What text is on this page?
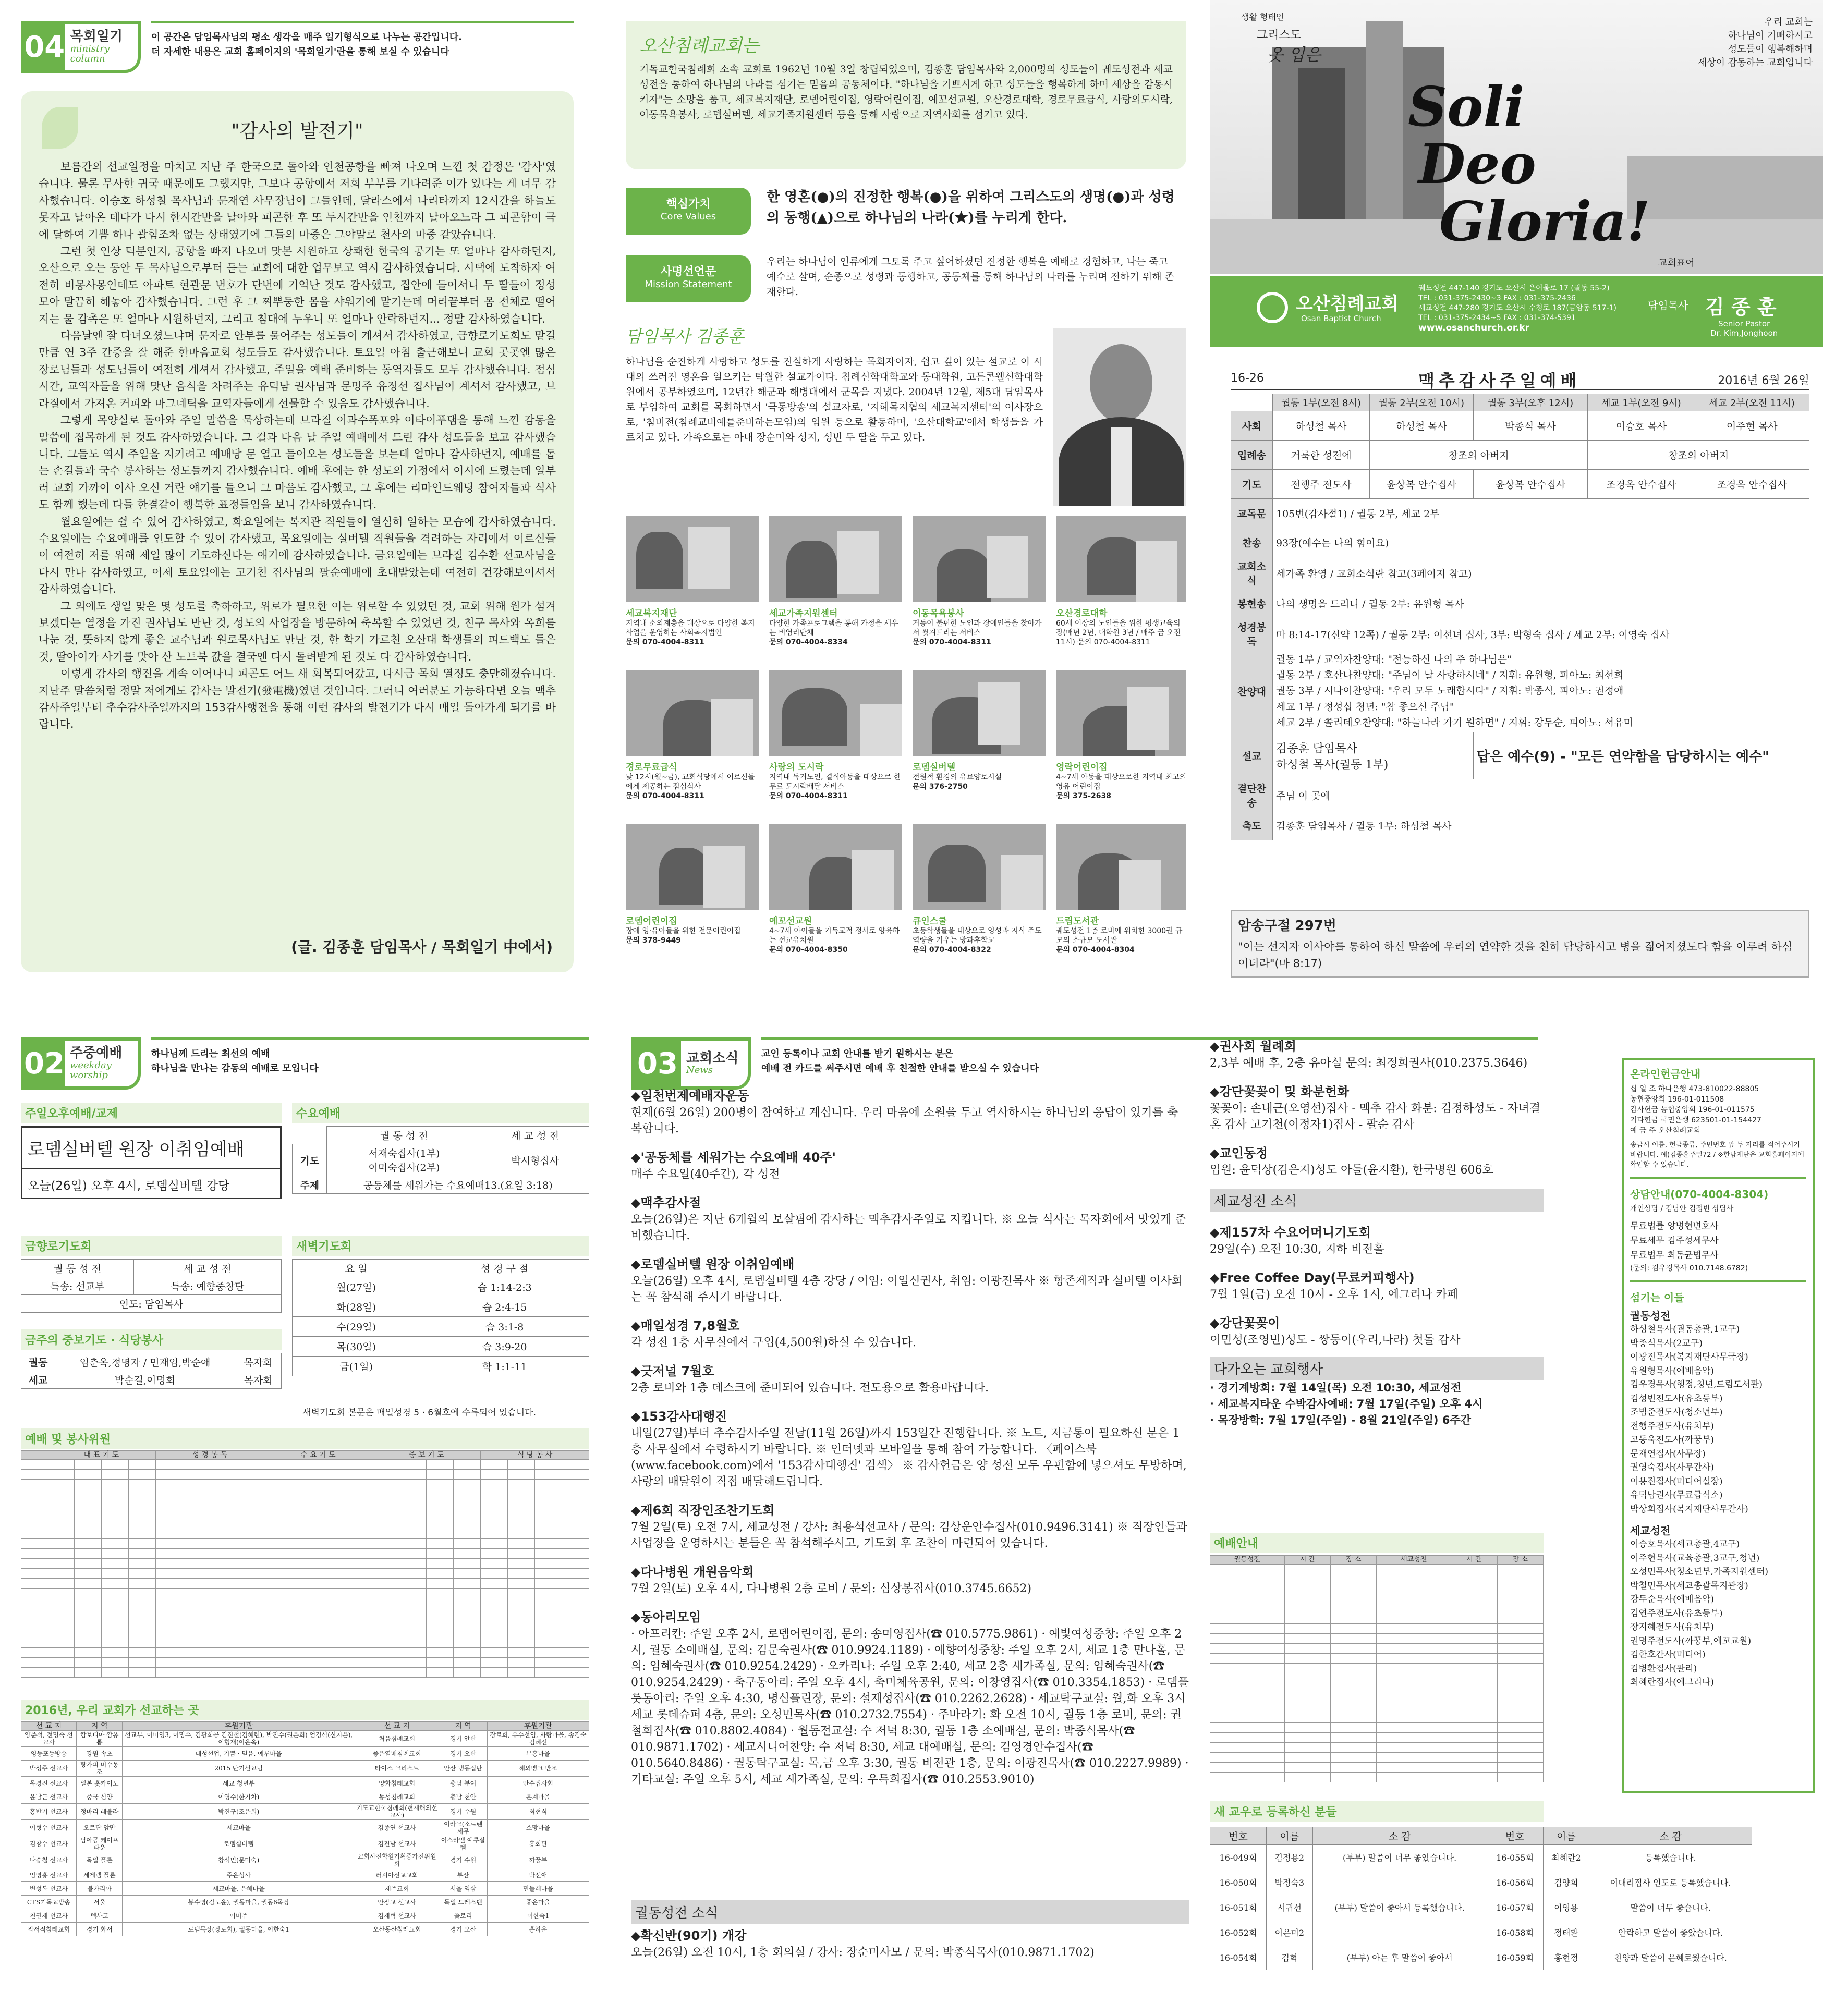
04 목회일기
ministry column
이 공간은 담임목사님의 평소 생각을 매주 일기형식으로 나누는 공간입니다.
더 자세한 내용은 교회 홈페이지의 '목회일기'란을 통해 보실 수 있습니다
"감사의 발전기"

보름간의 선교일정을 마치고 지난 주 한국으로 돌아와 인천공항을 빠져 나오며 느낀 첫 감정은 '감사'였습니다. 물론 무사한 귀국 때문에도 그랬지만, 그보다 공항에서 저희 부부를 기다려준 이가 있다는 게 너무 감사했습니다. 이승호 하성철 목사님과 문재연 사무장님이 그들인데, 달라스에서 나리타까지 12시간을 하늘도 못자고 날아온 데다가 다시 한시간반을 날아와 피곤한 후 또 두시간반을 인천까지 날아오느라 그 피곤함이 극에 달하여 기쁨 하나 괄힘조차 없는 상태였기에 그들의 마중은 그야말로 천사의 마중 같았습니다.

그런 첫 인상 덕분인지, 공항을 빠져 나오며 맛본 시원하고 상쾌한 한국의 공기는 또 얼마나 감사하던지, 오산으로 오는 동안 두 목사님으로부터 듣는 교회에 대한 업무보고 역시 감사하였습니다. 시택에 도착하자 여전히 비몽사몽인데도 아파트 현관문 번호가 단번에 기억난 것도 감사했고, 집안에 들어서니 두 딸들이 정성 모아 말끔히 해놓아 감사했습니다. 그런 후 그 찌뿌둥한 몸을 샤워기에 맡기는데 머리끝부터 몸 전체로 떨어지는 물 감촉은 또 얼마나 시원하던지, 그리고 침대에 누우니 또 얼마나 안락하던지... 정말 감사하였습니다.

다음날엔 잘 다녀오셨느냐며 문자로 안부를 물어주는 성도들이 계셔서 감사하였고, 금향로기도회도 맡길 만큼 연 3주 간증을 잘 해준 한마음교회 성도들도 감사했습니다. 토요일 아침 출근해보니 교회 곳곳엔 많은 장로님들과 성도님들이 여전히 계셔서 감사했고, 주일을 예배 준비하는 동역자들도 모두 감사했습니다. 점심시간, 교역자들을 위해 맛난 음식을 차려주는 유덕남 권사님과 문명주 유정선 집사님이 계셔서 감사했고, 브라질에서 가져온 커피와 마그네틱을 교역자들에게 선물할 수 있음도 감사했습니다.

그렇게 목양실로 돌아와 주일 말씀을 묵상하는데 브라질 이과수폭포와 이타이푸댐을 통해 느낀 감동을 말씀에 접목하게 된 것도 감사하였습니다. 그 결과 다음 날 주일 예배에서 드린 감사 성도들을 보고 감사했습니다. 그들도 역시 주일을 지키려고 예배당 문 열고 들어오는 성도들을 보는데 얼마나 감사하던지, 예배를 돕는 손길들과 국수 봉사하는 성도들까지 감사했습니다. 예배 후에는 한 성도의 가정에서 이시에 드렸는데 일부러 교회 가까이 이사 오신 거란 얘기를 들으니 그 마음도 감사했고, 그 후에는 리마인드웨딩 참여자들과 식사도 함께 했는데 다들 한결같이 행복한 표정들임을 보니 감사하였습니다.

월요일에는 쉴 수 있어 감사하였고, 화요일에는 복지관 직원들이 열심히 일하는 모습에 감사하였습니다. 수요일에는 수요예배를 인도할 수 있어 감사했고, 목요일에는 실버텔 직원들을 격려하는 자리에서 어르신들이 여전히 저를 위해 제일 많이 기도하신다는 얘기에 감사하였습니다. 금요일에는 브라질 김수환 선교사님을 다시 만나 감사하였고, 어제 토요일에는 고기천 집사님의 팔순예배에 초대받았는데 여전히 건강해보이셔서 감사하였습니다.

그 외에도 생일 맞은 몇 성도를 축하하고, 위로가 필요한 이는 위로할 수 있었던 것, 교회 위해 원가 섬겨보겠다는 열정을 가진 권사님도 만난 것, 성도의 사업장을 방문하여 축복할 수 있었던 것, 친구 목사와 옥희를 나눈 것, 뜻하지 않게 좋은 교수님과 원로목사님도 만난 것, 한 학기 가르친 오산대 학생들의 피드백도 들은 것, 딸아이가 사기를 맞아 산 노트북 값을 결국엔 다시 돌려받게 된 것도 다 감사하였습니다.

이렇게 감사의 행진을 계속 이어나니 피곤도 어느 새 회복되어갔고, 다시금 목회 열정도 충만해졌습니다. 지난주 말씀처럼 정말 저에게도 감사는 발전기(發電機)였던 것입니다. 그러니 여러분도 가능하다면 오늘 맥추감사주일부터 추수감사주일까지의 153감사행전을 통해 이런 감사의 발전기가 다시 매일 돌아가게 되기를 바랍니다.

(글. 김종훈 담임목사 / 목회일기 中에서)
오산침례교회는
기독교한국침례회 소속 교회로 1962년 10월 3일 창립되었으며, 김종훈 담임목사와 2,000명의 성도들이 궤도성전과 세교성전을 통하여 하나님의 나라를 섬기는 믿음의 공동체이다. "하나님을 기쁘시게 하고 성도들을 행복하게 하며 세상을 감동시키자"는 소망을 품고, 세교복지재단, 로뎀어린이집, 영락어린이집, 예꼬선교원, 오산경로대학, 경로무료급식, 사랑의도시락, 이동목욕봉사, 로뎀실버텔, 세교가족지원센터 등을 통해 사랑으로 지역사회를 섬기고 있다.
핵심가치
Core Values
한 영혼(●)의 진정한 행복(●)을 위하여 그리스도의 생명(●)과 성령의 동행(▲)으로 하나님의 나라(★)를 누리게 한다.
사명선언문
Mission Statement
우리는 하나님이 인류에게 그토록 주고 싶어하셨던 진정한 행복을 예배로 경험하고, 나는 죽고 예수로 살며, 순종으로 성령과 동행하고, 공동체를 통해 하나님의 나라를 누리며 전하기 위해 존재한다.
담임목사 김종훈
하나님을 순진하게 사랑하고 성도를 진실하게 사랑하는 목회자이자, 쉽고 깊이 있는 설교로 이 시대의 쓰러진 영혼을 일으키는 탁월한 설교가이다. 침례신학대학교와 동대학원, 고든콘웰신학대학원에서 공부하였으며, 12년간 해군과 해병대에서 군목을 지냈다. 2004년 12월, 제5대 담임목사로 부임하여 교회를 목회하면서 '극동방송'의 설교자로, '지혜목지협의 세교복지센터'의 이사장으로, '침비전(침례교비예를준비하는모임)의 임원 등으로 활동하며, '오산대학교'에서 학생들을 가르치고 있다. 가족으로는 아내 장순미와 성지, 성빈 두 딸을 두고 있다.
세교복지재단
지역내 소외계층을 대상으로 다양한 복지사업을 운영하는 사회복지법인
문의 070-4004-8311
세교가족지원센터
다양한 가족프로그램을 통해 가정을 세우는 비영리단체
문의 070-4004-8334
이동목욕봉사
거동이 불편한 노인과 장애인들을 찾아가서 씻겨드리는 서비스
문의 070-4004-8311
오산경로대학
60세 이상의 노인들을 위한 평생교육의 장(매년 2년, 대학원 3년 / 매주 금 오전 11시) 문의 070-4004-8311
경로무료급식
낮 12시(월~금), 교회식당에서 어르신들에게 제공하는 점심식사
문의 070-4004-8311
사랑의 도시락
지역내 독거노인, 결식아동을 대상으로 한 무료 도시락배달 서비스
문의 070-4004-8311
로뎀실버텔
전원적 환경의 유료양로시설
문의 376-2750
영락어린이집
4~7세 아동을 대상으로한 지역내 최고의 영유 어린이집
문의 375-2638
로뎀어린이집
장애 영·유아들을 위한 전문어린이집
문의 378-9449
예꼬선교원
4~7세 아이들을 기독교적 정서로 양육하는 선교유치원
문의 070-4004-8350
큐인스쿨
초등학생들을 대상으로 영성과 지식 주도 역량을 키우는 방과후학교
문의 070-4004-8322
드림도서관
궤도성전 1층 로비에 위치한 3000권 규모의 소규모 도서관
문의 070-4004-8304
생활 형태인
그리스도
옷 입은
우리 교회는
하나님이 기뻐하시고
성도들이 행복해하며
세상이 감동하는 교회입니다
Soli
Deo
Gloria!
교회표어
오산침례교회
Osan Baptist Church
궤도성전 447-140 경기도 오산시 은여울로 17 (궐동 55-2)
TEL : 031-375-2430~3 FAX : 031-375-2436
세교성전 447-280 경기도 오산시 수청로 187(금암동 517-1)
TEL : 031-375-2434~5 FAX : 031-374-5391
www.osanchurch.or.kr
담임목사 김 종 훈
Senior Pastor
Dr. Kim,Jonghoon
16-26	맥추감사주일예배	2016년 6월 26일
	궐동 1부(오전 8시)	궐동 2부(오전 10시)	궐동 3부(오후 12시)	세교 1부(오전 9시)	세교 2부(오전 11시)
사회	하성철 목사	하성철 목사	박종식 목사	이승호 목사	이주현 목사
입례송	거룩한 성전에	창조의 아버지		창조의 아버지	
기도	전행주 전도사	윤상복 안수집사	윤상복 안수집사	조경옥 안수집사	조경옥 안수집사
교독문	105번(감사절1) / 궐동 2부, 세교 2부				
찬송	93장(예수는 나의 힘이요)				
교회소식	세가족 환영 / 교회소식란 참고(3페이지 참고)				
봉헌송	나의 생명을 드리니 / 궐동 2부: 유원형 목사				
성경봉독	마 8:14-17(신약 12쪽) / 궐동 2부: 이선녀 집사, 3부: 박형숙 집사 / 세교 2부: 이영숙 집사				
찬양대	궐동 1부 / 교역자찬양대: "전능하신 나의 주 하나님은"
궐동 2부 / 호산나찬양대: "주님이 날 사랑하시네" / 지휘: 유원형, 피아노: 최선희
궐동 3부 / 시나이찬양대: "우리 모두 노래합시다" / 지휘: 박종식, 피아노: 권정애
세교 1부 / 정성십 청년: "참 좋으신 주님"
세교 2부 / 쫄리데오찬양대: "하늘나라 가기 원하면" / 지휘: 강두순, 피아노: 서유미				

설교	김종훈 담임목사
하성철 목사(궐동 1부)		답은 예수(9) - "모든 연약함을 담당하시는 예수"		
결단찬송	주님 이 곳에				
축도	김종훈 담임목사 / 궐동 1부: 하성철 목사				
암송구절 297번
"이는 선지자 이사야를 통하여 하신 말씀에 우리의 연약한 것을 친히 담당하시고 병을 짊어지셨도다 함을 이루려 하심이더라"(마 8:17)
02 주중예배
weekday worship
하나님께 드리는 최선의 예배
하나님을 만나는 감동의 예배로 모입니다
주일오후예배/교제
로뎀실버텔 원장 이취임예배
오늘(26일) 오후 4시, 로뎀실버텔 강당
수요예배
	궐 동 성 전	세 교 성 전
기도	서재숙집사(1부)
이미숙집사(2부)	박시형집사
주제	공동체를 세워가는 수요예배13.(요일 3:18)	
금향로기도회
궐 동 성 전	세 교 성 전
특송: 선교부	특송: 예향중창단
인도: 담임목사	
새벽기도회
요 일	성 경 구 절
월(27일)	습 1:14-2:3
화(28일)	습 2:4-15
수(29일)	습 3:1-8
목(30일)	습 3:9-20
금(1일)	학 1:1-11
새벽기도회 본문은 매일성경 5 · 6월호에 수록되어 있습니다.
금주의 중보기도 · 식당봉사
궐동	임춘옥,정명자 / 민재임,박순애	목자회
세교	박순길,이명희	목자회
예배 및 봉사위원
	대 표 기 도				성 경 봉 독				수 요 기 도				중 보 기 도				식 당 봉 사			

2016년, 우리 교회가 선교하는 곳
선 교 지	지 역	후원기관	선 교 지	지 역	후원기관
양준석, 전명숙 선교사	캄보디아 깜퐁톰	선교부, 이미영3, 이명수, 김광희공 김진철(김혜련), 박진수(권은희) 엄경식(신지은), 이형재(이은옥)	처음침례교회	경기 안산	장로회, 유수선임, 사랑마을, 송경숙 김혜신
영등포동방송	강원 속초	대성선업, 기쁨 · 믿음, 예루마을	좋은열매침례교회	경기 오산	부흥마을
박성주 선교사	탕가피 미수몽조	2015 단기선교팀	타이스 크리스트	안산 냉동집단	해외뱅크 반조
목경진 선교사	일본 홋카이도	세교 청년부	양화침례교회	충남 부여	안수집사회
윤남근 선교사	중국 심양	이영수(한기차)	동성침례교회	충남 천안	은계마을
홍반기 선교사	정바리 레볼라	박진구(조은희)	기도교한국침례회(현재해외선교사)	경기 수원	최현식
이형수 선교사	오르단 암만	세교마을	김종연 선교사	이라크(소르렌 세무	소망마을
김창수 선교사	남아공 케이프타운	로뎀실버텔	김진남 선교사	이스라엘 예루살렘	흥회관
나승철 선교사	독일 플론	창석민(문미숙)	교회사진학원기획증가진위원회	경기 수원	까꿍부
임영홍 선교사	세게렐 플론	주은성사	러시아선교교회	부산	박선애
변성복 선교사	불가리아	세교마을, 은혜마을	제주교회	서울 역삼	민들레마을
CTS기독교방송	서울	봉수영(김도윤), 궐동마을, 궐동6목장	안장교 선교사	독일 드레스덴	좋은마을
천권제 선교사	텍사코	이미주	김재혁 선교사	플로리	이한숙1
좌서적침례교회	경기 화서	로뎀목장(장로회), 궐동마을, 이한숙1	오산동산침례교회	경기 오산	흥하운
03 교회소식
News
교인 등록이나 교회 안내를 받기 원하시는 분은
예배 전 카드를 써주시면 예배 후 친절한 안내를 받으실 수 있습니다
◆일천번제예배자운동

현재(6월 26일) 200명이 참여하고 계십니다. 우리 마음에 소원을 두고 역사하시는 하나님의 응답이 있기를 축복합니다.

◆'공동체를 세워가는 수요예배 40주'

매주 수요일(40주간), 각 성전

◆맥추감사절

오늘(26일)은 지난 6개월의 보살핌에 감사하는 맥추감사주일로 지킵니다. ※ 오늘 식사는 목자회에서 맛있게 준비했습니다.

◆로뎀실버텔 원장 이취임예배

오늘(26일) 오후 4시, 로뎀실버텔 4층 강당 / 이임: 이일신권사, 취임: 이광진목사 ※ 항존제직과 실버텔 이사회는 꼭 참석해 주시기 바랍니다.

◆매일성경 7,8월호

각 성전 1층 사무실에서 구입(4,500원)하실 수 있습니다.

◆긋저널 7월호

2층 로비와 1층 데스크에 준비되어 있습니다. 전도용으로 활용바랍니다.

◆153감사대행진

내일(27일)부터 추수감사주일 전날(11월 26일)까지 153일간 진행합니다. ※ 노트, 저금통이 필요하신 분은 1층 사무실에서 수령하시기 바랍니다. ※ 인터넷과 모바일을 통해 참여 가능합니다. 〈페이스북(www.facebook.com)에서 '153감사대행진' 검색〉 ※ 감사헌금은 양 성전 모두 우편함에 넣으셔도 무방하며, 사랑의 배달원이 직접 배달해드립니다.

◆제6회 직장인조찬기도회

7월 2일(토) 오전 7시, 세교성전 / 강사: 최용석선교사 / 문의: 김상운안수집사(010.9496.3141) ※ 직장인들과 사업장을 운영하시는 분들은 꼭 참석해주시고, 기도회 후 조찬이 마련되어 있습니다.

◆다나병원 개원음악회

7월 2일(토) 오후 4시, 다나병원 2층 로비 / 문의: 심상봉집사(010.3745.6652)

◆동아리모임

· 아프리칸: 주일 오후 2시, 로뎀어린이집, 문의: 송미영집사(☎ 010.5775.9861) · 예빛여성중창: 주일 오후 2시, 궐동 소예배실, 문의: 김문숙권사(☎ 010.9924.1189) · 예향여성중창: 주일 오후 2시, 세교 1층 만나홀, 문의: 임혜숙권사(☎ 010.9254.2429) · 오카리나: 주일 오후 2:40, 세교 2층 새가족실, 문의: 임혜숙권사(☎ 010.9254.2429) · 축구동아리: 주일 오후 4시, 축미체육공원, 문의: 이창영집사(☎ 010.3354.1853) · 로뎀플룻동아리: 주일 오후 4:30, 명심플린장, 문의: 설재성집사(☎ 010.2262.2628) · 세교탁구교실: 월,화 오후 3시 세교 롯데슈퍼 4층, 문의: 오성민목사(☎ 010.2732.7554) · 주바라기: 화 오전 10시, 궐동 1층 로비, 문의: 권철희집사(☎ 010.8802.4084) · 월동전교실: 수 저녁 8:30, 궐동 1층 소예배실, 문의: 박종식목사(☎ 010.9871.1702) · 세교시니어찬양: 수 저녁 8:30, 세교 대예배실, 문의: 김영경안수집사(☎ 010.5640.8486) · 궐동탁구교실: 목,금 오후 3:30, 궐동 비전관 1층, 문의: 이광진목사(☎ 010.2227.9989) · 기타교실: 주일 오후 5시, 세교 새가족실, 문의: 우특희집사(☎ 010.2553.9010)

궐동성전 소식
◆확신반(90기) 개강

오늘(26일) 오전 10시, 1층 회의실 / 강사: 장순미사모 / 문의: 박종식목사(010.9871.1702)

◆권사회 월례회

2,3부 예배 후, 2층 유아실 문의: 최정희권사(010.2375.3646)

◆강단꽃꽂이 및 화분헌화

꽃꽂이: 손내근(오영선)집사 - 맥추 감사 화분: 김정하성도 - 자녀결혼 감사 고기천(이정자1)집사 - 팔순 감사

◆교인동정

입원: 윤덕상(김은지)성도 아들(윤지환), 한국병원 606호

세교성전 소식
◆제157차 수요어머니기도회

29일(수) 오전 10:30, 지하 비전홀

◆Free Coffee Day(무료커피행사)

7월 1일(금) 오전 10시 - 오후 1시, 에그리나 카페

◆강단꽃꽂이

이민성(조영빈)성도 - 쌍둥이(우리,나라) 첫돌 감사

다가오는 교회행사

· 경기계방회: 7월 14일(목) 오전 10:30, 세교성전

· 세교복지타운 수박감사예배: 7월 17일(주일) 오후 4시

· 목장방학: 7월 17일(주일) - 8월 21일(주일) 6주간

예배안내
궐동성전	시 간	장 소	세교성전	시 간	장 소

새 교우로 등록하신 분들
번호	이름	소 감	번호	이름	소 감
16-049회	김정용2	(부부) 말씀이 너무 좋았습니다.	16-055회	최혜란2	등록했습니다.
16-050회	박정숙3		16-056회	김양희	이대리집사 인도로 등록했습니다.
16-051회	서귀선	(부부) 말씀이 좋아서 등록했습니다.	16-057회	이영용	말씀이 너무 좋습니다.
16-052회	이은미2		16-058회	정태환	안락하고 말씀이 좋았습니다.
16-054회	김혁	(부부) 아는 후 말씀이 좋아서	16-059회	홍현정	찬양과 말씀이 은혜로웠습니다.
온라인헌금안내
십 일 조 하나은행 473-810022-88805
농협중앙회 196-01-011508
감사헌금 농협중앙회 196-01-011575
기타헌금 국민은행 623501-01-154427
예 금 주 오산침례교회
송금시 이름, 헌금종류, 주민번호 앞 두 자리를 적어주시기 바랍니다. 예)김종훈주일72 / ※한남재단은 교회홈페이지에 확인할 수 있습니다.
상담안내(070-4004-8304)
개인상담 / 김남안 김정빈 상담사
무료법률 양병현변호사
무료세무 김주성세무사
무료법무 최동균법무사
(문의: 김우경목사 010.7148.6782)
섬기는 이들
궐동성전
하성철목사(궐동총괄,1교구)
박종식목사(2교구)
이광진목사(복지재단사무국장)
유원형목사(예배음악)
김우경목사(행정,청년,드림도서관)
김성빈전도사(유초등부)
조범준전도사(청소년부)
전행주전도사(유치부)
고동욱전도사(까꿍부)
문재연집사(사무장)
권영숙집사(사무간사)
이용진집사(미디어실장)
유덕남권사(무료급식소)
박상희집사(복지재단사무간사)
세교성전
이승호목사(세교총괄,4교구)
이주현목사(교육총괄,3교구,청년)
오성민목사(청소년부,가족지원센터)
박철민목사(세교총괄목지관장)
강두순목사(예배음악)
김연주전도사(유초등부)
장지혜전도사(유치부)
권명주전도사(까꿍부,예꼬교원)
김한호간사(미디어)
김병환집사(관리)
최혜란집사(예그리나)
